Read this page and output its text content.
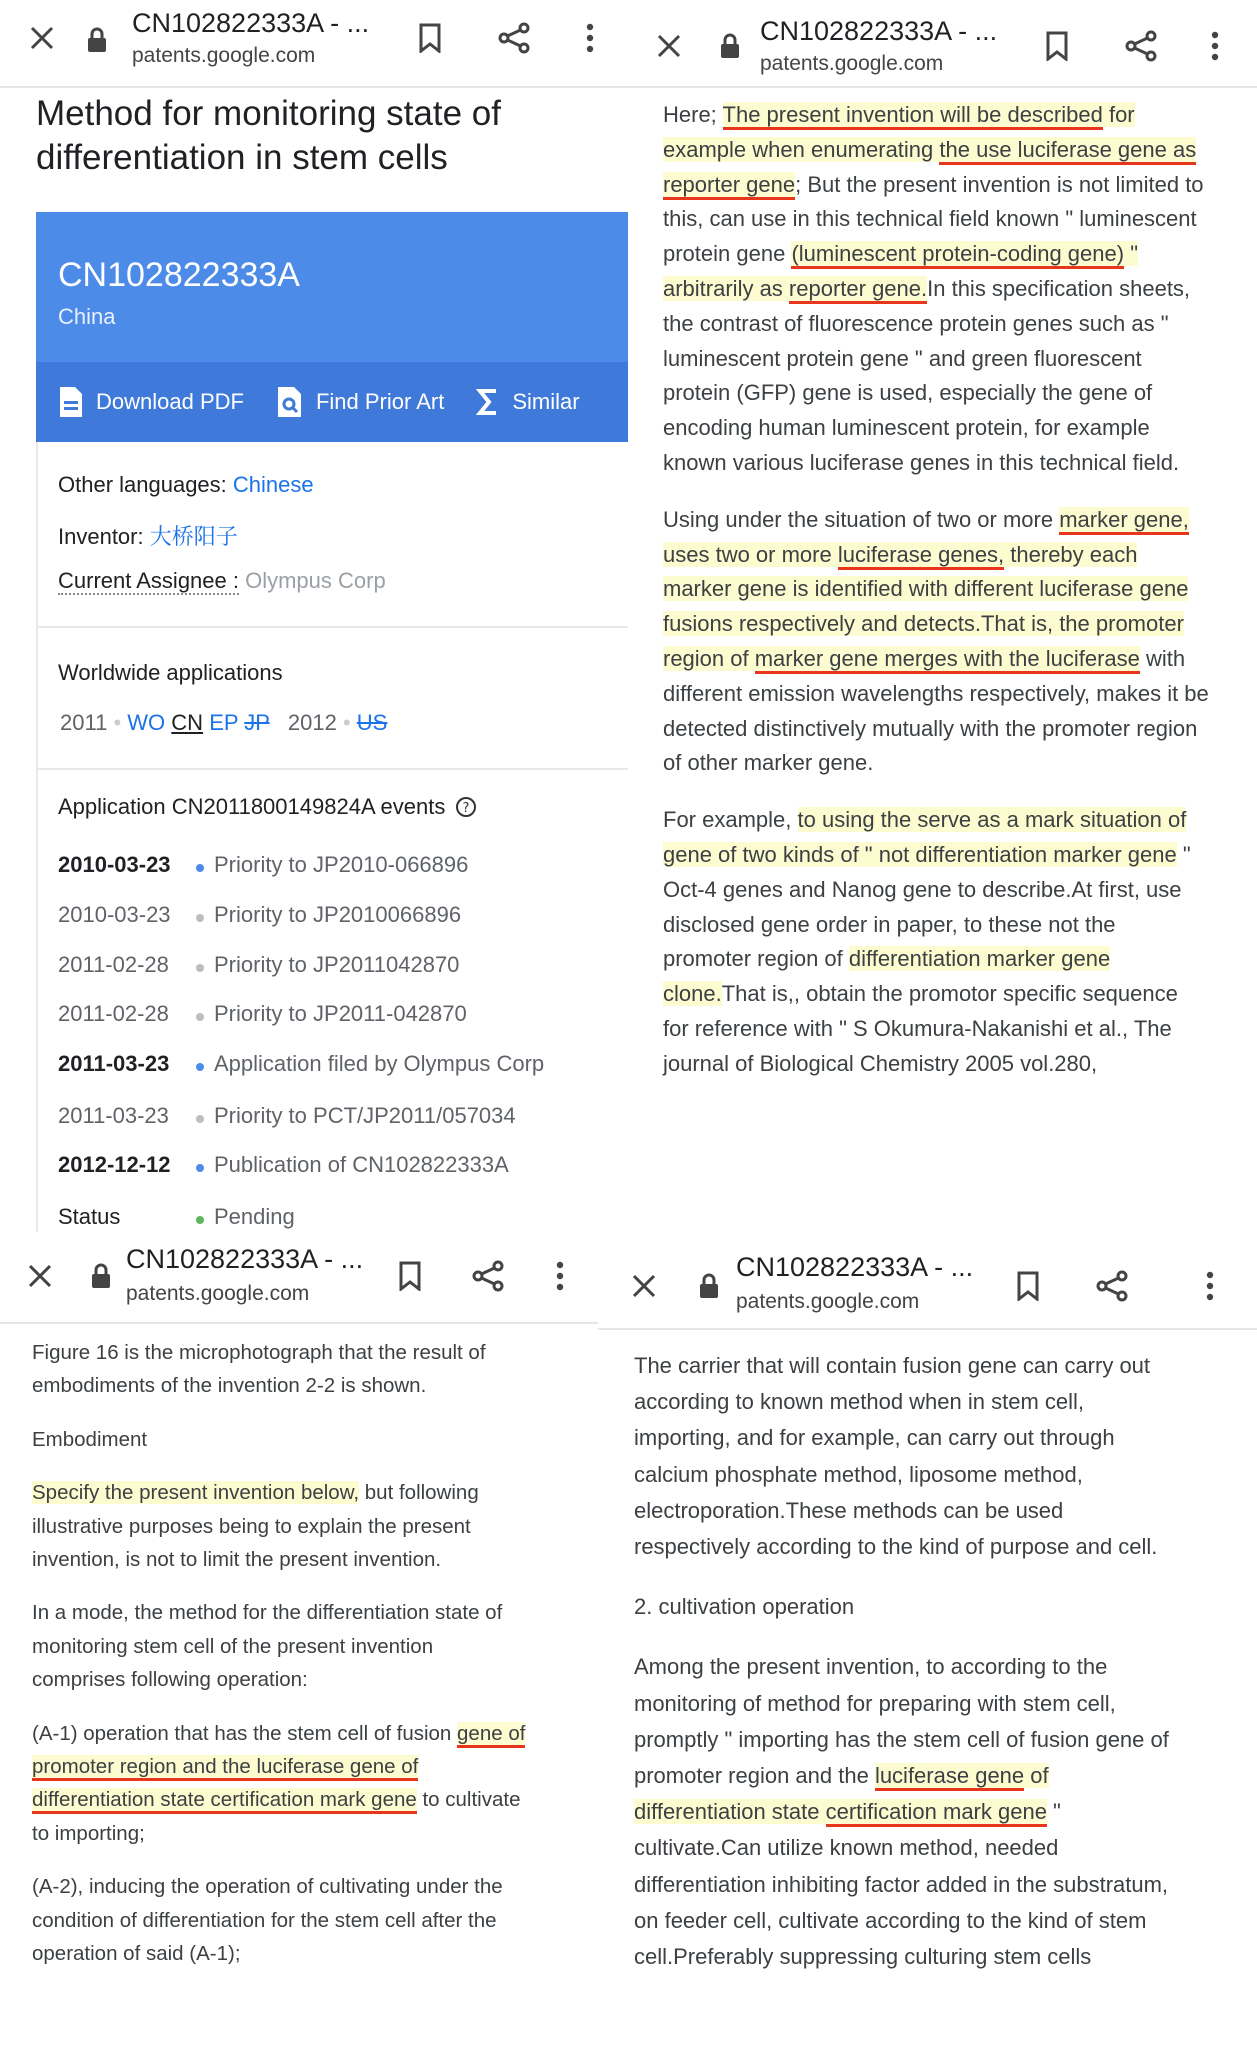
CN102822333A - ...
patents.google.com
Method for monitoring state of differentiation in stem cells
CN102822333A
China
Download PDF	Find Prior Art	Similar
Other languages: Chinese
Inventor: 大桥阳子
Current Assignee : Olympus Corp
Worldwide applications
2011 • WO CN EP JP 2012 • US
Application CN2011800149824A events ?
2010-03-23	Priority to JP2010-066896
2010-03-23	Priority to JP2010066896
2011-02-28	Priority to JP2011042870
2011-02-28	Priority to JP2011-042870
2011-03-23	Application filed by Olympus Corp
2011-03-23	Priority to PCT/JP2011/057034
2012-12-12	Publication of CN102822333A
Status	Pending
CN102822333A - ...
patents.google.com

Here; The present invention will be described for example when enumerating the use luciferase gene as reporter gene; But the present invention is not limited to this, can use in this technical field known " luminescent protein gene (luminescent protein-coding gene) " arbitrarily as reporter gene.In this specification sheets, the contrast of fluorescence protein genes such as " luminescent protein gene " and green fluorescent protein (GFP) gene is used, especially the gene of encoding human luminescent protein, for example known various luciferase genes in this technical field.

Using under the situation of two or more marker gene, uses two or more luciferase genes, thereby each marker gene is identified with different luciferase gene fusions respectively and detects.That is, the promoter region of marker gene merges with the luciferase with different emission wavelengths respectively, makes it be detected distinctively mutually with the promoter region of other marker gene.

For example, to using the serve as a mark situation of gene of two kinds of " not differentiation marker gene " Oct-4 genes and Nanog gene to describe.At first, use disclosed gene order in paper, to these not the promoter region of differentiation marker gene clone.That is,, obtain the promotor specific sequence for reference with " S Okumura-Nakanishi et al., The journal of Biological Chemistry 2005 vol.280,

CN102822333A - ...
patents.google.com

Figure 16 is the microphotograph that the result of embodiments of the invention 2-2 is shown.

Embodiment

Specify the present invention below, but following illustrative purposes being to explain the present invention, is not to limit the present invention.

In a mode, the method for the differentiation state of monitoring stem cell of the present invention comprises following operation:

(A-1) operation that has the stem cell of fusion gene of promoter region and the luciferase gene of differentiation state certification mark gene to cultivate to importing;

(A-2), inducing the operation of cultivating under the condition of differentiation for the stem cell after the operation of said (A-1);

CN102822333A - ...
patents.google.com

The carrier that will contain fusion gene can carry out according to known method when in stem cell, importing, and for example, can carry out through calcium phosphate method, liposome method, electroporation.These methods can be used respectively according to the kind of purpose and cell.

2. cultivation operation

Among the present invention, to according to the monitoring of method for preparing with stem cell, promptly " importing has the stem cell of fusion gene of promoter region and the luciferase gene of differentiation state certification mark gene " cultivate.Can utilize known method, needed differentiation inhibiting factor added in the substratum, on feeder cell, cultivate according to the kind of stem cell.Preferably suppressing culturing stem cells
